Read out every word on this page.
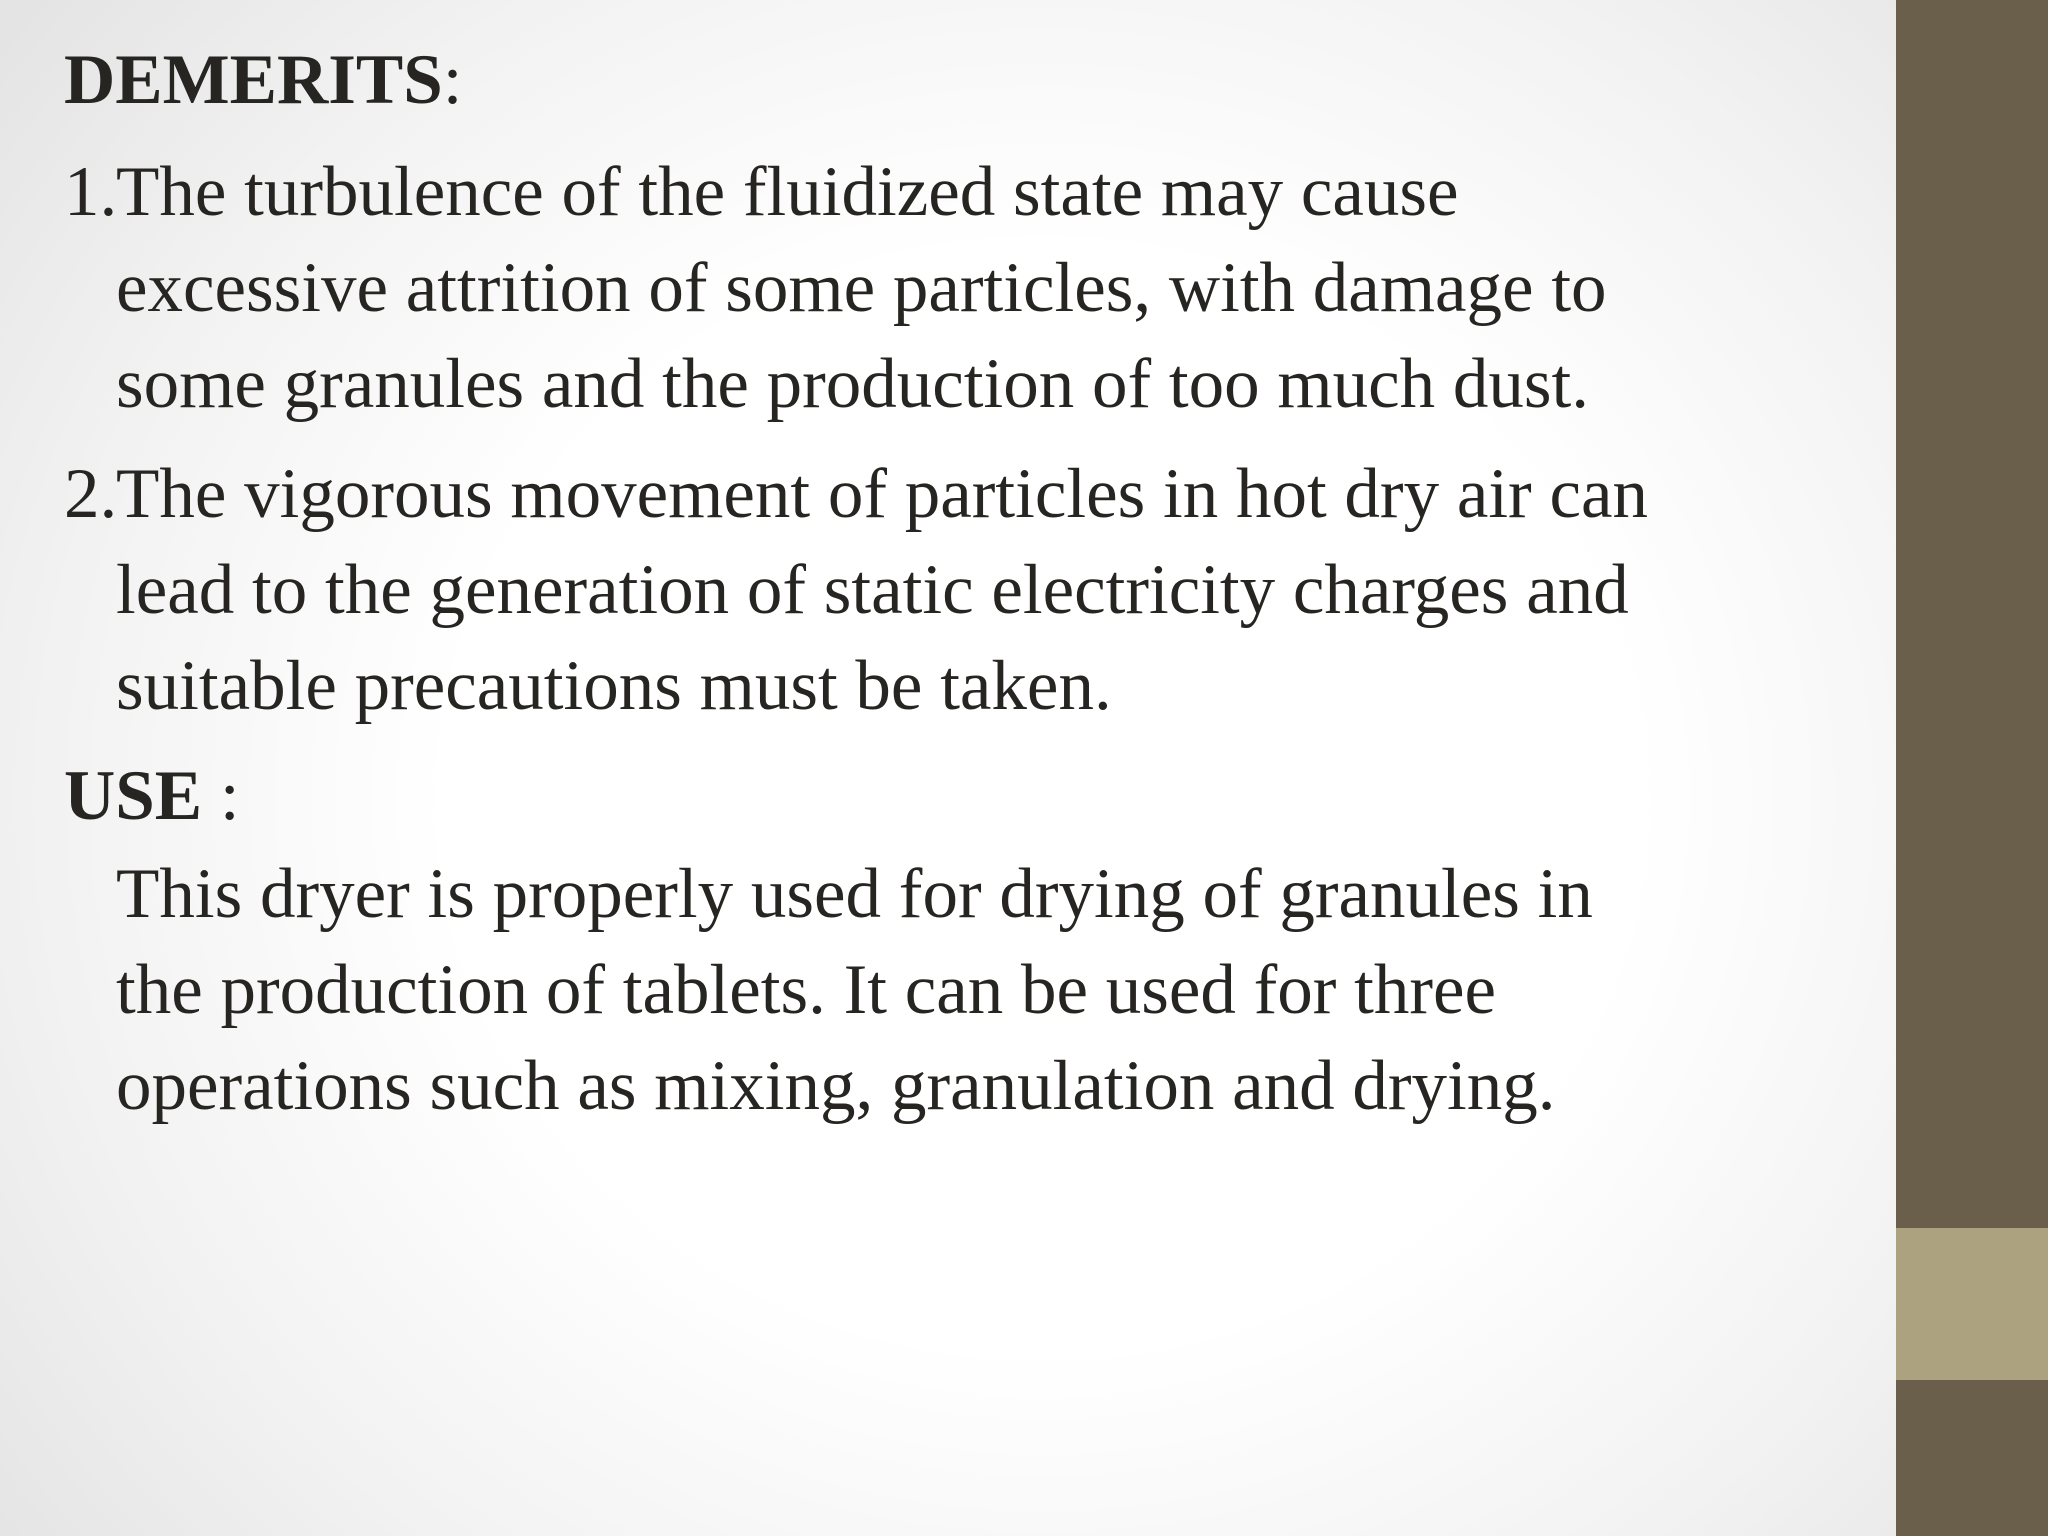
DEMERITS:
1.
The turbulence of the fluidized state may cause
excessive attrition of some particles, with damage to
some granules and the production of too much dust.
2.
The vigorous movement of particles in hot dry air can
lead to the generation of static electricity charges and
suitable precautions must be taken.
USE :
This dryer is properly used for drying of granules in
the production of tablets. It can be used for three
operations such as mixing, granulation and drying.
